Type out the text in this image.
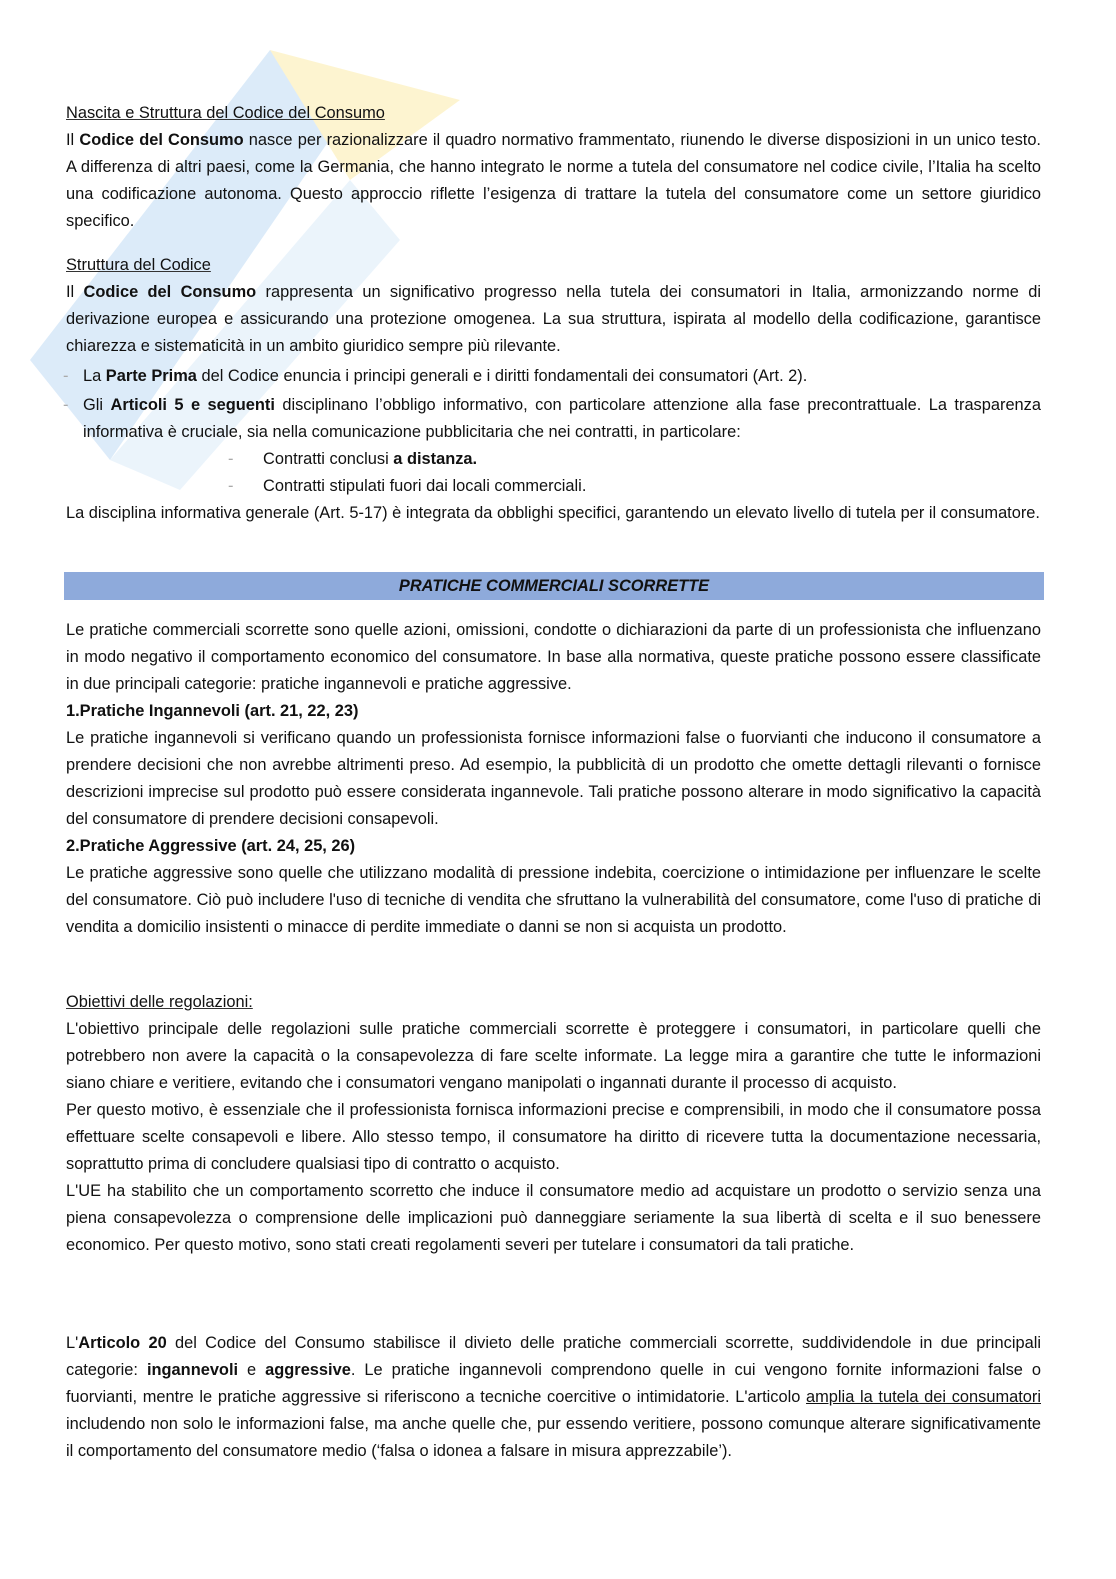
Nascita e Struttura del Codice del Consumo
Il Codice del Consumo nasce per razionalizzare il quadro normativo frammentato, riunendo le diverse disposizioni in un unico testo. A differenza di altri paesi, come la Germania, che hanno integrato le norme a tutela del consumatore nel codice civile, l’Italia ha scelto una codificazione autonoma. Questo approccio riflette l’esigenza di trattare la tutela del consumatore come un settore giuridico specifico.
Struttura del Codice
Il Codice del Consumo rappresenta un significativo progresso nella tutela dei consumatori in Italia, armonizzando norme di derivazione europea e assicurando una protezione omogenea. La sua struttura, ispirata al modello della codificazione, garantisce chiarezza e sistematicità in un ambito giuridico sempre più rilevante.
- La Parte Prima del Codice enuncia i principi generali e i diritti fondamentali dei consumatori (Art. 2).
- Gli Articoli 5 e seguenti disciplinano l’obbligo informativo, con particolare attenzione alla fase precontrattuale. La trasparenza informativa è cruciale, sia nella comunicazione pubblicitaria che nei contratti, in particolare:
- Contratti conclusi a distanza.
- Contratti stipulati fuori dai locali commerciali.
La disciplina informativa generale (Art. 5-17) è integrata da obblighi specifici, garantendo un elevato livello di tutela per il consumatore.
PRATICHE COMMERCIALI SCORRETTE
Le pratiche commerciali scorrette sono quelle azioni, omissioni, condotte o dichiarazioni da parte di un professionista che influenzano in modo negativo il comportamento economico del consumatore. In base alla normativa, queste pratiche possono essere classificate in due principali categorie: pratiche ingannevoli e pratiche aggressive.
1.Pratiche Ingannevoli (art. 21, 22, 23)
Le pratiche ingannevoli si verificano quando un professionista fornisce informazioni false o fuorvianti che inducono il consumatore a prendere decisioni che non avrebbe altrimenti preso. Ad esempio, la pubblicità di un prodotto che omette dettagli rilevanti o fornisce descrizioni imprecise sul prodotto può essere considerata ingannevole. Tali pratiche possono alterare in modo significativo la capacità del consumatore di prendere decisioni consapevoli.
2.Pratiche Aggressive (art. 24, 25, 26)
Le pratiche aggressive sono quelle che utilizzano modalità di pressione indebita, coercizione o intimidazione per influenzare le scelte del consumatore. Ciò può includere l'uso di tecniche di vendita che sfruttano la vulnerabilità del consumatore, come l'uso di pratiche di vendita a domicilio insistenti o minacce di perdite immediate o danni se non si acquista un prodotto.
Obiettivi delle regolazioni:
L'obiettivo principale delle regolazioni sulle pratiche commerciali scorrette è proteggere i consumatori, in particolare quelli che potrebbero non avere la capacità o la consapevolezza di fare scelte informate. La legge mira a garantire che tutte le informazioni siano chiare e veritiere, evitando che i consumatori vengano manipolati o ingannati durante il processo di acquisto.
Per questo motivo, è essenziale che il professionista fornisca informazioni precise e comprensibili, in modo che il consumatore possa effettuare scelte consapevoli e libere. Allo stesso tempo, il consumatore ha diritto di ricevere tutta la documentazione necessaria, soprattutto prima di concludere qualsiasi tipo di contratto o acquisto.
L'UE ha stabilito che un comportamento scorretto che induce il consumatore medio ad acquistare un prodotto o servizio senza una piena consapevolezza o comprensione delle implicazioni può danneggiare seriamente la sua libertà di scelta e il suo benessere economico. Per questo motivo, sono stati creati regolamenti severi per tutelare i consumatori da tali pratiche.
L'Articolo 20 del Codice del Consumo stabilisce il divieto delle pratiche commerciali scorrette, suddividendole in due principali categorie: ingannevoli e aggressive. Le pratiche ingannevoli comprendono quelle in cui vengono fornite informazioni false o fuorvianti, mentre le pratiche aggressive si riferiscono a tecniche coercitive o intimidatorie. L'articolo amplia la tutela dei consumatori includendo non solo le informazioni false, ma anche quelle che, pur essendo veritiere, possono comunque alterare significativamente il comportamento del consumatore medio (‘falsa o idonea a falsare in misura apprezzabile’).
